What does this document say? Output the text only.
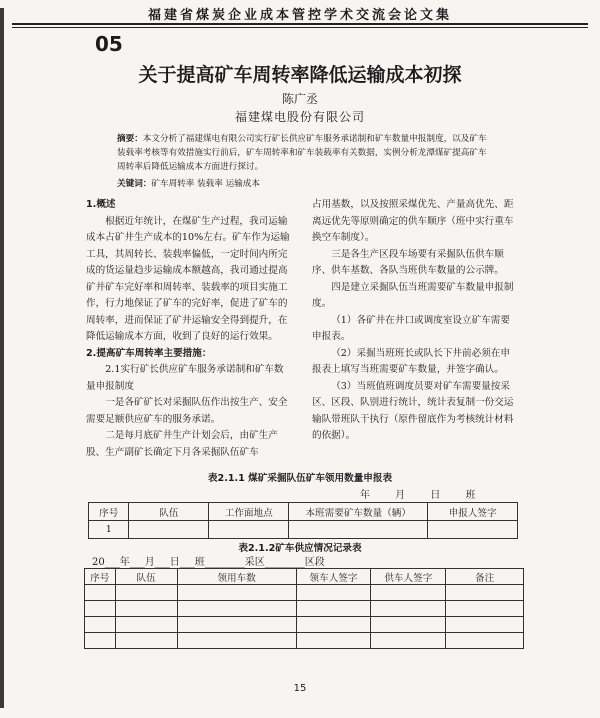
福建省煤炭企业成本管控学术交流会论文集
05
关于提高矿车周转率降低运输成本初探
陈广丞
福建煤电股份有限公司
摘要：本文分析了福建煤电有限公司实行矿长供应矿车服务承诺制和矿车数量申报制度，以及矿车装载率考核等有效措施实行前后，矿车周转率和矿车装载率有关数据，实例分析龙潭煤矿提高矿车周转率后降低运输成本方面进行探讨。
关键词：矿车周转率 装载率 运输成本

1.概述

根据近年统计，在煤矿生产过程，我司运输成本占矿井生产成本的10%左右。矿车作为运输工具，其周转长、装载率偏低，一定时间内所完成的货运量趋步运输成本额越高，我司通过提高矿井矿车完好率和周转率、装载率的项目实施工作，行力地保证了矿车的完好率，促进了矿车的周转率，进而保证了矿井运输安全得到提升，在降低运输成本方面，收到了良好的运行效果。

2.提高矿车周转率主要措施：

2.1实行矿长供应矿车服务承诺制和矿车数量申报制度

一是各矿矿长对采掘队伍作出按生产、安全需要足额供应矿车的服务承诺。

二是每月底矿井生产计划会后，由矿生产股、生产副矿长确定下月各采掘队伍矿车

占用基数，以及按照采煤优先、产量高优先、距离远优先等原则确定的供车顺序（班中实行重车换空车制度）。

三是各生产区段车场要有采掘队伍供车顺序、供车基数、各队当班供车数量的公示牌。

四是建立采掘队伍当班需要矿车数量申报制度。

（1）各矿井在井口或调度室设立矿车需要申报表。

（2）采掘当班班长或队长下井前必须在申报表上填写当班需要矿车数量，并签字确认。

（3）当班值班调度员要对矿车需要量按采区、区段、队别进行统计，统计表复制一份交运输队带班队干执行（原件留底作为考核统计材料的依据）。

表2.1.1 煤矿采掘队伍矿车领用数量申报表
年 月 日 班
序号	队伍	工作面地点	本班需要矿车数量（辆）	申报人签字
1				
表2.1.2矿车供应情况记录表
20___年___月___日___班________采区________区段
序号	队伍	领用车数	领车人签字	供车人签字	备注

15
